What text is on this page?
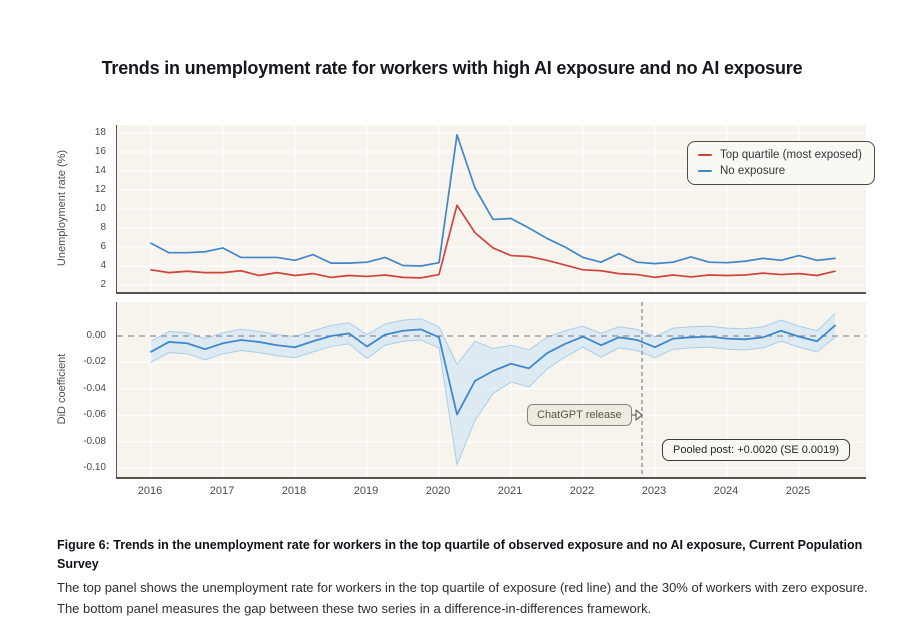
Trends in unemployment rate for workers with high AI exposure and no AI exposure
Unemployment rate (%)
DiD coefficient
2
4
6
8
10
12
14
16
18
0.00
-0.02
-0.04
-0.06
-0.08
-0.10
2016	2017	2018	2019	2020	2021	2022	2023	2024	2025
Top quartile (most exposed)
No exposure
ChatGPT release
Pooled post: +0.0020 (SE 0.0019)
Figure 6: Trends in the unemployment rate for workers in the top quartile of observed exposure and no AI exposure, Current Population Survey
The top panel shows the unemployment rate for workers in the top quartile of exposure (red line) and the 30% of workers with zero exposure. The bottom panel measures the gap between these two series in a difference-in-differences framework.
